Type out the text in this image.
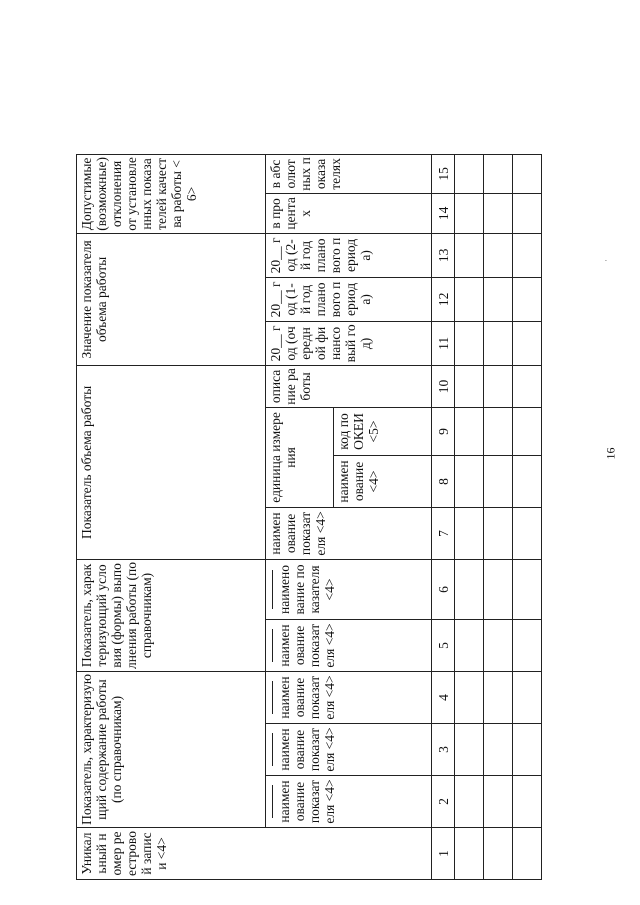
Уникальный номер реестровой записи <4>	Показатель, характеризующий содержание работы (по справочникам)			Показатель, характеризующий условия (формы) выполнения работы (по справочникам)		Показатель объема работы				Значение показателя объема работы			Допустимые (возможные) отклонения от установленных показателей качества работы <6>	

наименование показателя <4>	наименование показателя <4>	наименование показателя <4>	наименование показателя <4>	наименование показателя <4>	наименование показателя <4>	единица измерения		описание работы	20__ год (очередной финансовый год)	20__ год (1-й год планового периода)	20__ год (2-й год планового периода)	в процентах	в абсолютных показателях
							наименование <4>	код по ОКЕИ <5>						
1	2	3	4	5	6	7	8	9	10	11	12	13	14	15

16
·
